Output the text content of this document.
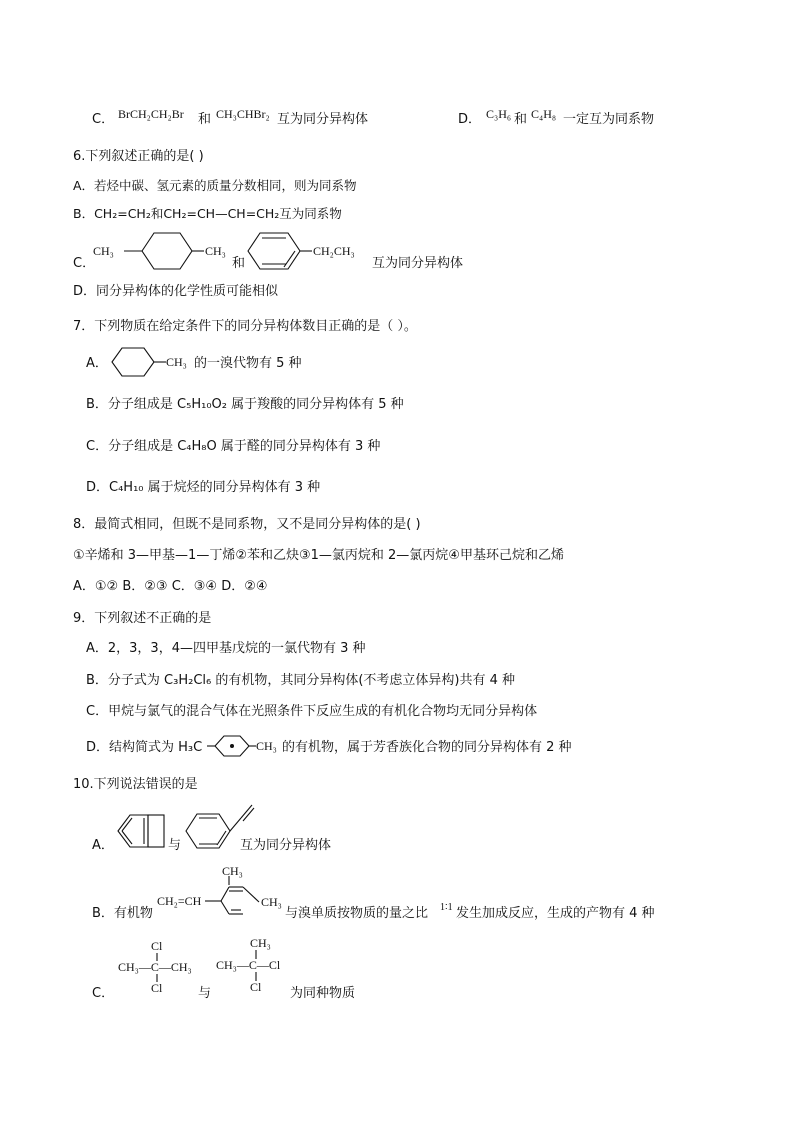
C． BrCH₂CH₂Br 和 CH₃CHBr₂ 互为同分异构体	D． C₃H₆ 和 C₄H₈ 一定互为同系物
6.下列叙述正确的是( )
A．若烃中碳、氢元素的质量分数相同，则为同系物
B．CH₂=CH₂和CH₂=CH—CH=CH₂互为同系物
C．
CH₃	CH₃
和
CH₂CH₃
互为同分异构体
D．同分异构体的化学性质可能相似
7．下列物质在给定条件下的同分异构体数目正确的是（ ）。
A．	CH₃ 的一溴代物有 5 种
B．分子组成是 C₅H₁₀O₂ 属于羧酸的同分异构体有 5 种
C．分子组成是 C₄H₈O 属于醛的同分异构体有 3 种
D．C₄H₁₀ 属于烷烃的同分异构体有 3 种
8．最简式相同，但既不是同系物，又不是同分异构体的是( )
①辛烯和 3—甲基—1—丁烯②苯和乙炔③1—氯丙烷和 2—氯丙烷④甲基环己烷和乙烯
A．①② B．②③ C．③④ D．②④
9．下列叙述不正确的是
A．2，3，3，4—四甲基戊烷的一氯代物有 3 种
B．分子式为 C₃H₂Cl₆ 的有机物，其同分异构体(不考虑立体异构)共有 4 种
C．甲烷与氯气的混合气体在光照条件下反应生成的有机化合物均无同分异构体
D．结构简式为 H₃C	CH₃ 的有机物，属于芳香族化合物的同分异构体有 2 种
10.下列说法错误的是
A．	与	互为同分异构体
B．有机物
CH₂=CH
CH₃
CH₃
与溴单质按物质的量之比 1∶1 发生加成反应，生成的产物有 4 种
C．
Cl
CH₃—C—CH₃
Cl	与
CH₃
CH₃—C—Cl
Cl 为同种物质
